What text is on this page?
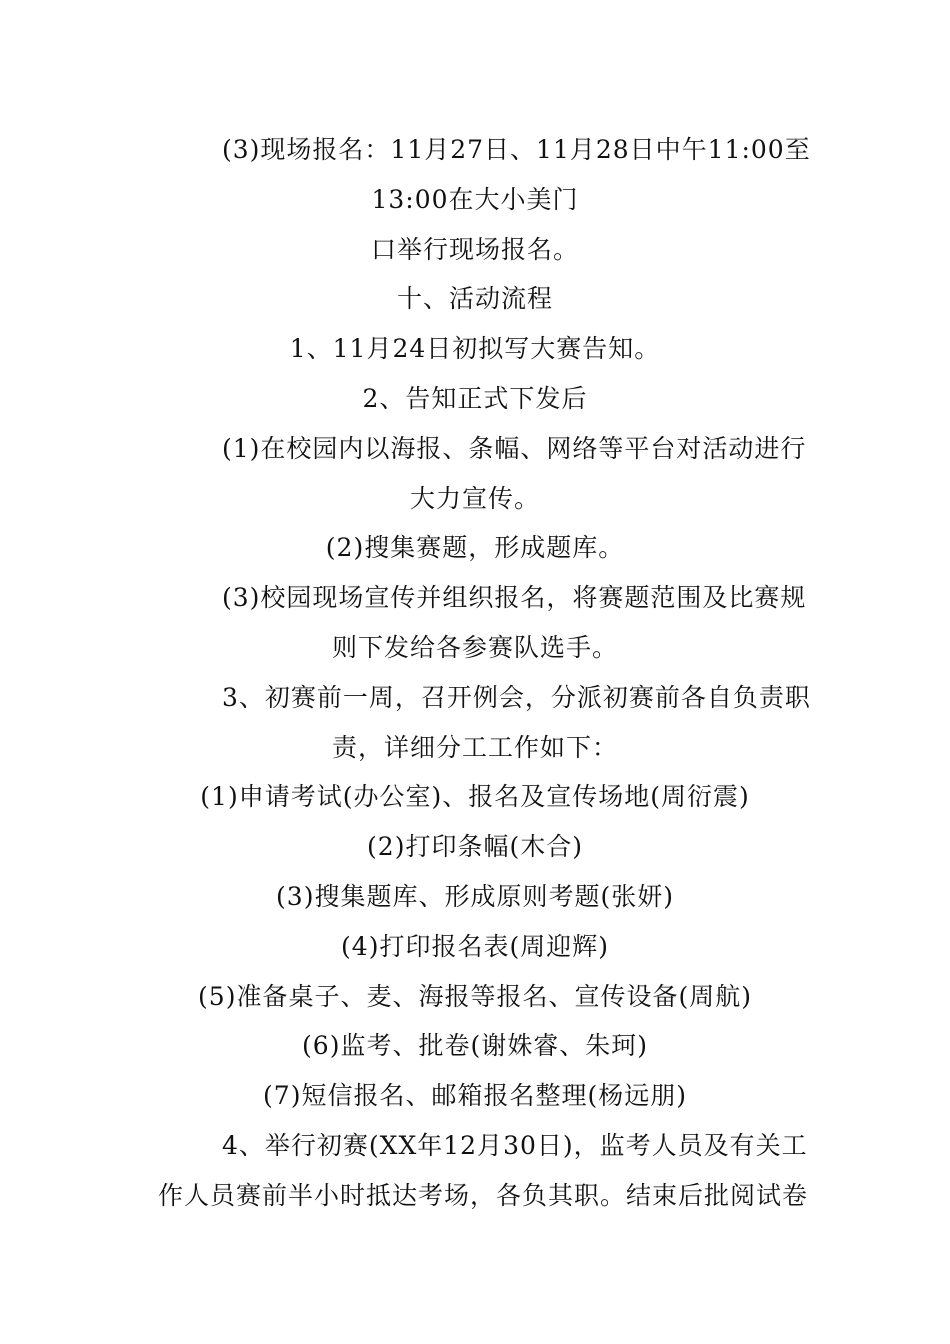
(3)现场报名：11月27日、11月28日中午11:00至
13:00在大小美门
口举行现场报名。
十、活动流程
1、11月24日初拟写大赛告知。
2、告知正式下发后
(1)在校园内以海报、条幅、网络等平台对活动进行
大力宣传。
(2)搜集赛题，形成题库。
(3)校园现场宣传并组织报名，将赛题范围及比赛规
则下发给各参赛队选手。
3、初赛前一周，召开例会，分派初赛前各自负责职
责，详细分工工作如下：
(1)申请考试(办公室)、报名及宣传场地(周衍震)
(2)打印条幅(木合)
(3)搜集题库、形成原则考题(张妍)
(4)打印报名表(周迎辉)
(5)准备桌子、麦、海报等报名、宣传设备(周航)
(6)监考、批卷(谢姝睿、朱珂)
(7)短信报名、邮箱报名整理(杨远朋)
4、举行初赛(XX年12月30日)，监考人员及有关工
作人员赛前半小时抵达考场，各负其职。结束后批阅试卷
